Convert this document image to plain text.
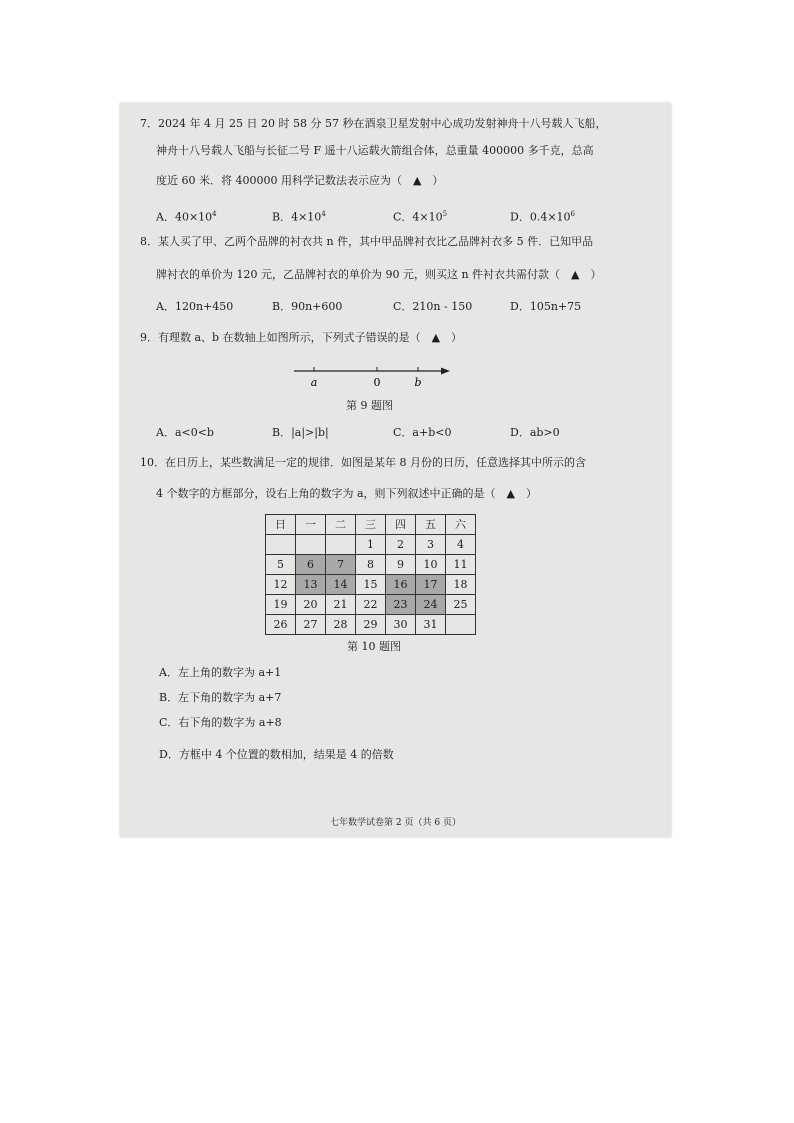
7．2024 年 4 月 25 日 20 时 58 分 57 秒在酒泉卫星发射中心成功发射神舟十八号载人飞船，
神舟十八号载人飞船与长征二号 F 遥十八运载火箭组合体，总重量 400000 多千克，总高
度近 60 米．将 400000 用科学记数法表示应为（　▲　）
A．$40\times 10^4$	B．$4\times 10^4$	C．$4\times 10^5$	D．$0.4\times 10^6$
8．某人买了甲、乙两个品牌的衬衣共 n 件，其中甲品牌衬衣比乙品牌衬衣多 5 件．已知甲品
牌衬衣的单价为 120 元，乙品牌衬衣的单价为 90 元，则买这 n 件衬衣共需付款（　▲　）
A．120n+450	B．90n+600	C．210n - 150	D．105n+75
9．有理数 a、b 在数轴上如图所示，下列式子错误的是（　▲　）
a	0	b
第 9 题图
A．a<0<b	B．|a|>|b|	C．a+b<0	D．ab>0
10．在日历上，某些数满足一定的规律．如图是某年 8 月份的日历，任意选择其中所示的含
4 个数字的方框部分，设右上角的数字为 a，则下列叙述中正确的是（　▲　）
日	一	二	三	四	五	六
			1	2	3	4
5	6	7	8	9	10	11
12	13	14	15	16	17	18
19	20	21	22	23	24	25
26	27	28	29	30	31	
第 10 题图
A．左上角的数字为 a+1
B．左下角的数字为 a+7
C．右下角的数字为 a+8
D．方框中 4 个位置的数相加，结果是 4 的倍数
七年数学试卷第 2 页（共 6 页）
